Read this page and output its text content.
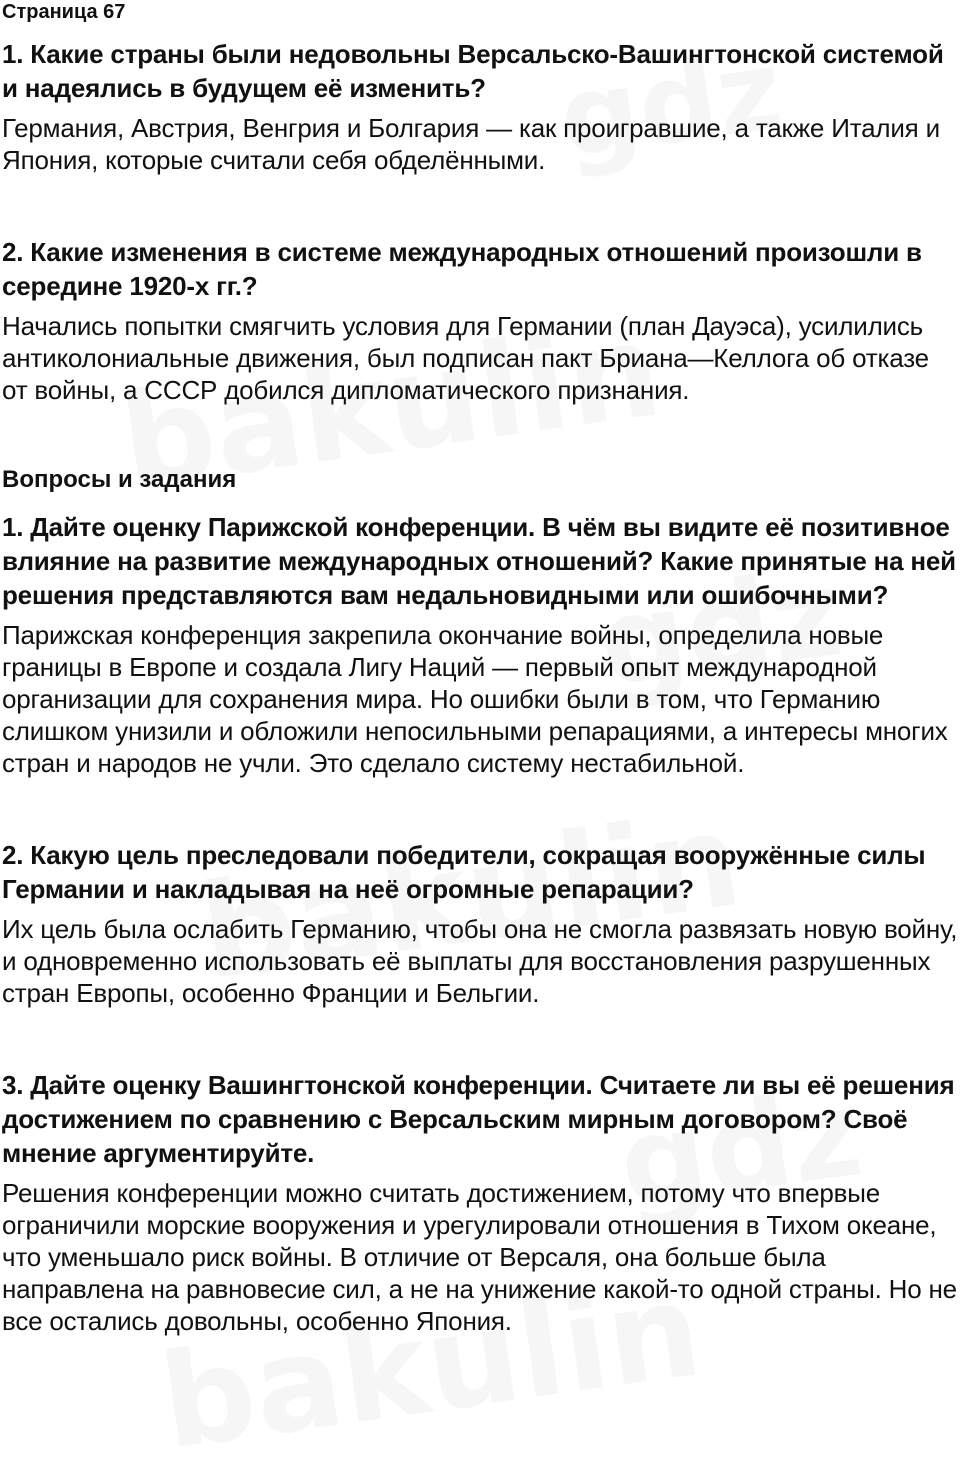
Страница 67
1. Какие страны были недовольны Версальско-Вашингтонской системой и надеялись в будущем её изменить?
Германия, Австрия, Венгрия и Болгария — как проигравшие, а также Италия и Япония, которые считали себя обделёнными.
2. Какие изменения в системе международных отношений произошли в середине 1920-х гг.?
Начались попытки смягчить условия для Германии (план Дауэса), усилились антиколониальные движения, был подписан пакт Бриана—Келлога об отказе от войны, а СССР добился дипломатического признания.
Вопросы и задания
1. Дайте оценку Парижской конференции. В чём вы видите её позитивное влияние на развитие международных отношений? Какие принятые на ней решения представляются вам недальновидными или ошибочными?
Парижская конференция закрепила окончание войны, определила новые границы в Европе и создала Лигу Наций — первый опыт международной организации для сохранения мира. Но ошибки были в том, что Германию слишком унизили и обложили непосильными репарациями, а интересы многих стран и народов не учли. Это сделало систему нестабильной.
2. Какую цель преследовали победители, сокращая вооружённые силы Германии и накладывая на неё огромные репарации?
Их цель была ослабить Германию, чтобы она не смогла развязать новую войну, и одновременно использовать её выплаты для восстановления разрушенных стран Европы, особенно Франции и Бельгии.
3. Дайте оценку Вашингтонской конференции. Считаете ли вы её решения достижением по сравнению с Версальским мирным договором? Своё мнение аргументируйте.
Решения конференции можно считать достижением, потому что впервые ограничили морские вооружения и урегулировали отношения в Тихом океане, что уменьшало риск войны. В отличие от Версаля, она больше была направлена на равновесие сил, а не на унижение какой-то одной страны. Но не все остались довольны, особенно Япония.
